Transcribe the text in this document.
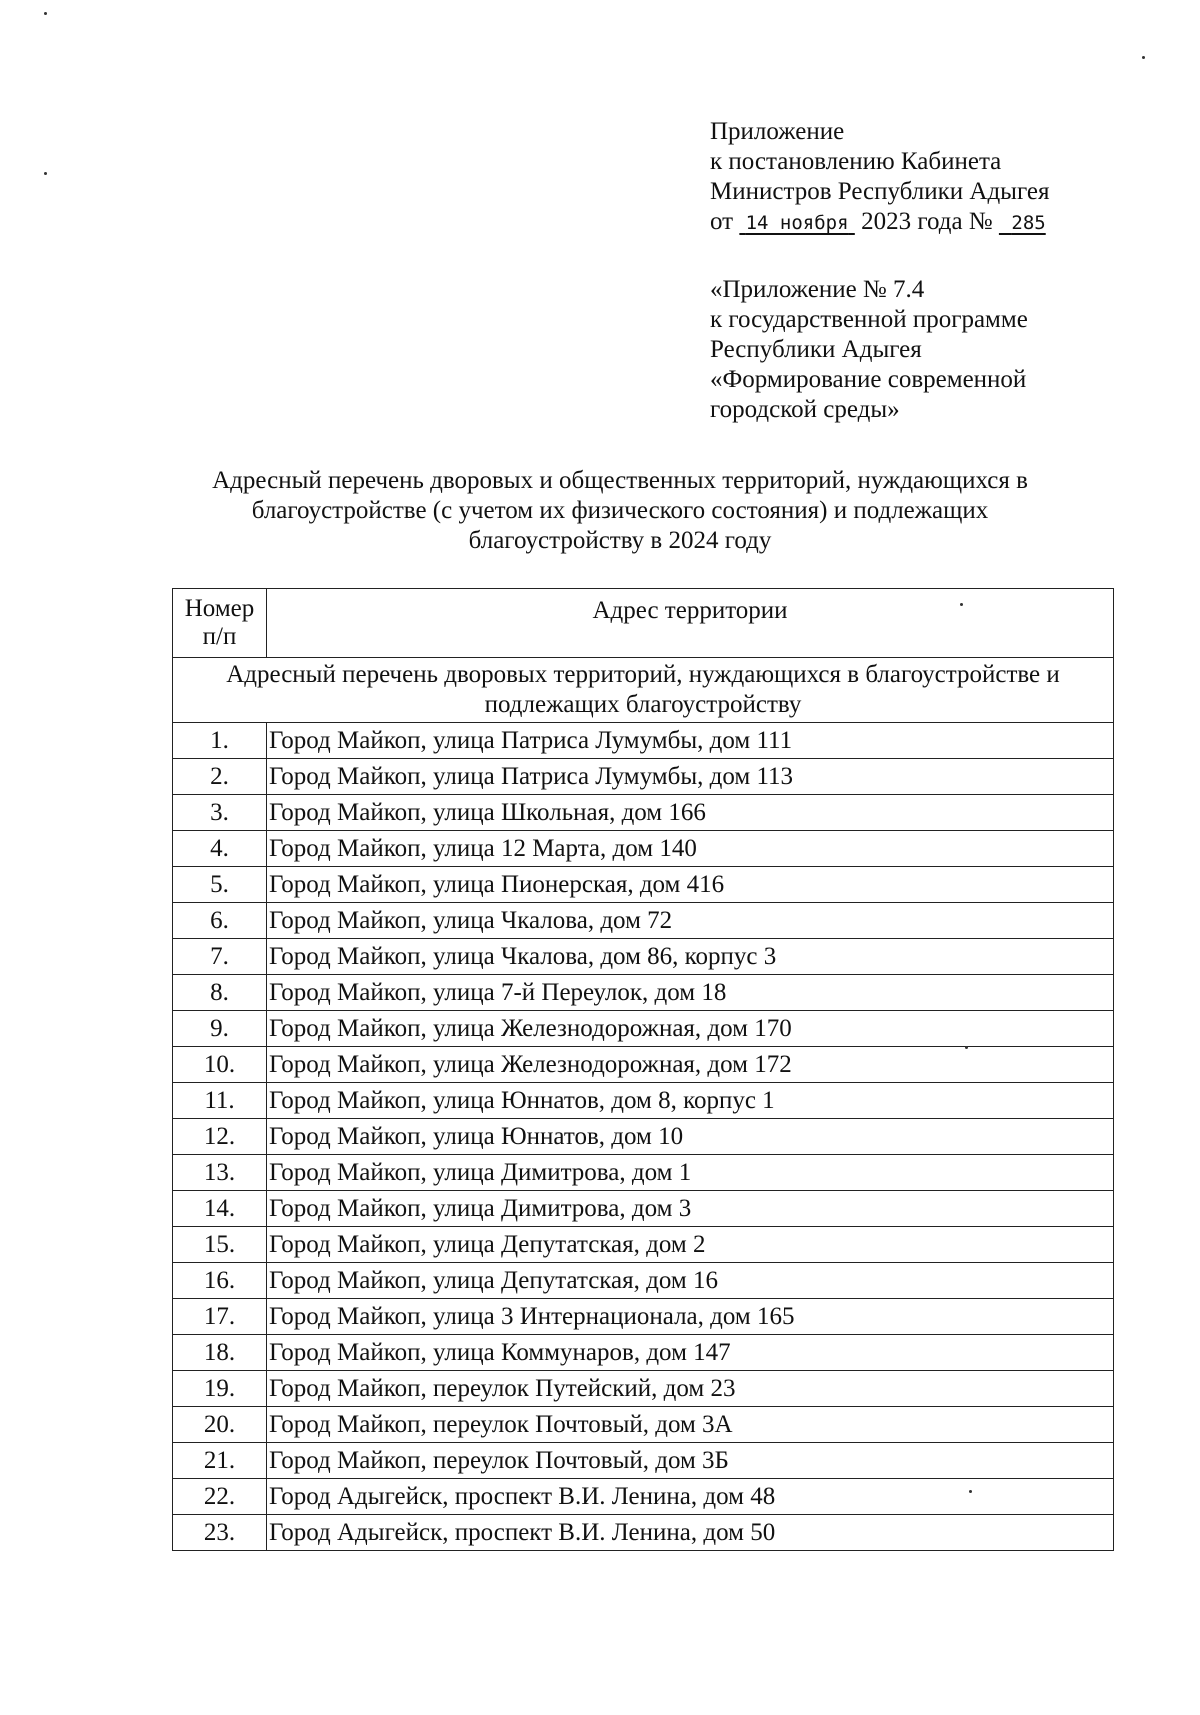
Приложение
к постановлению Кабинета
Министров Республики Адыгея
от 14 ноября 2023 года № 285
«Приложение № 7.4
к государственной программе
Республики Адыгея
«Формирование современной
городской среды»
Адресный перечень дворовых и общественных территорий, нуждающихся в
благоустройстве (с учетом их физического состояния) и подлежащих
благоустройству в 2024 году
Номер
п/п	Адрес территории
Адресный перечень дворовых территорий, нуждающихся в благоустройстве и
подлежащих благоустройству	
1.	Город Майкоп, улица Патриса Лумумбы, дом 111
2.	Город Майкоп, улица Патриса Лумумбы, дом 113
3.	Город Майкоп, улица Школьная, дом 166
4.	Город Майкоп, улица 12 Марта, дом 140
5.	Город Майкоп, улица Пионерская, дом 416
6.	Город Майкоп, улица Чкалова, дом 72
7.	Город Майкоп, улица Чкалова, дом 86, корпус 3
8.	Город Майкоп, улица 7-й Переулок, дом 18
9.	Город Майкоп, улица Железнодорожная, дом 170
10.	Город Майкоп, улица Железнодорожная, дом 172
11.	Город Майкоп, улица Юннатов, дом 8, корпус 1
12.	Город Майкоп, улица Юннатов, дом 10
13.	Город Майкоп, улица Димитрова, дом 1
14.	Город Майкоп, улица Димитрова, дом 3
15.	Город Майкоп, улица Депутатская, дом 2
16.	Город Майкоп, улица Депутатская, дом 16
17.	Город Майкоп, улица 3 Интернационала, дом 165
18.	Город Майкоп, улица Коммунаров, дом 147
19.	Город Майкоп, переулок Путейский, дом 23
20.	Город Майкоп, переулок Почтовый, дом 3А
21.	Город Майкоп, переулок Почтовый, дом 3Б
22.	Город Адыгейск, проспект В.И. Ленина, дом 48
23.	Город Адыгейск, проспект В.И. Ленина, дом 50
